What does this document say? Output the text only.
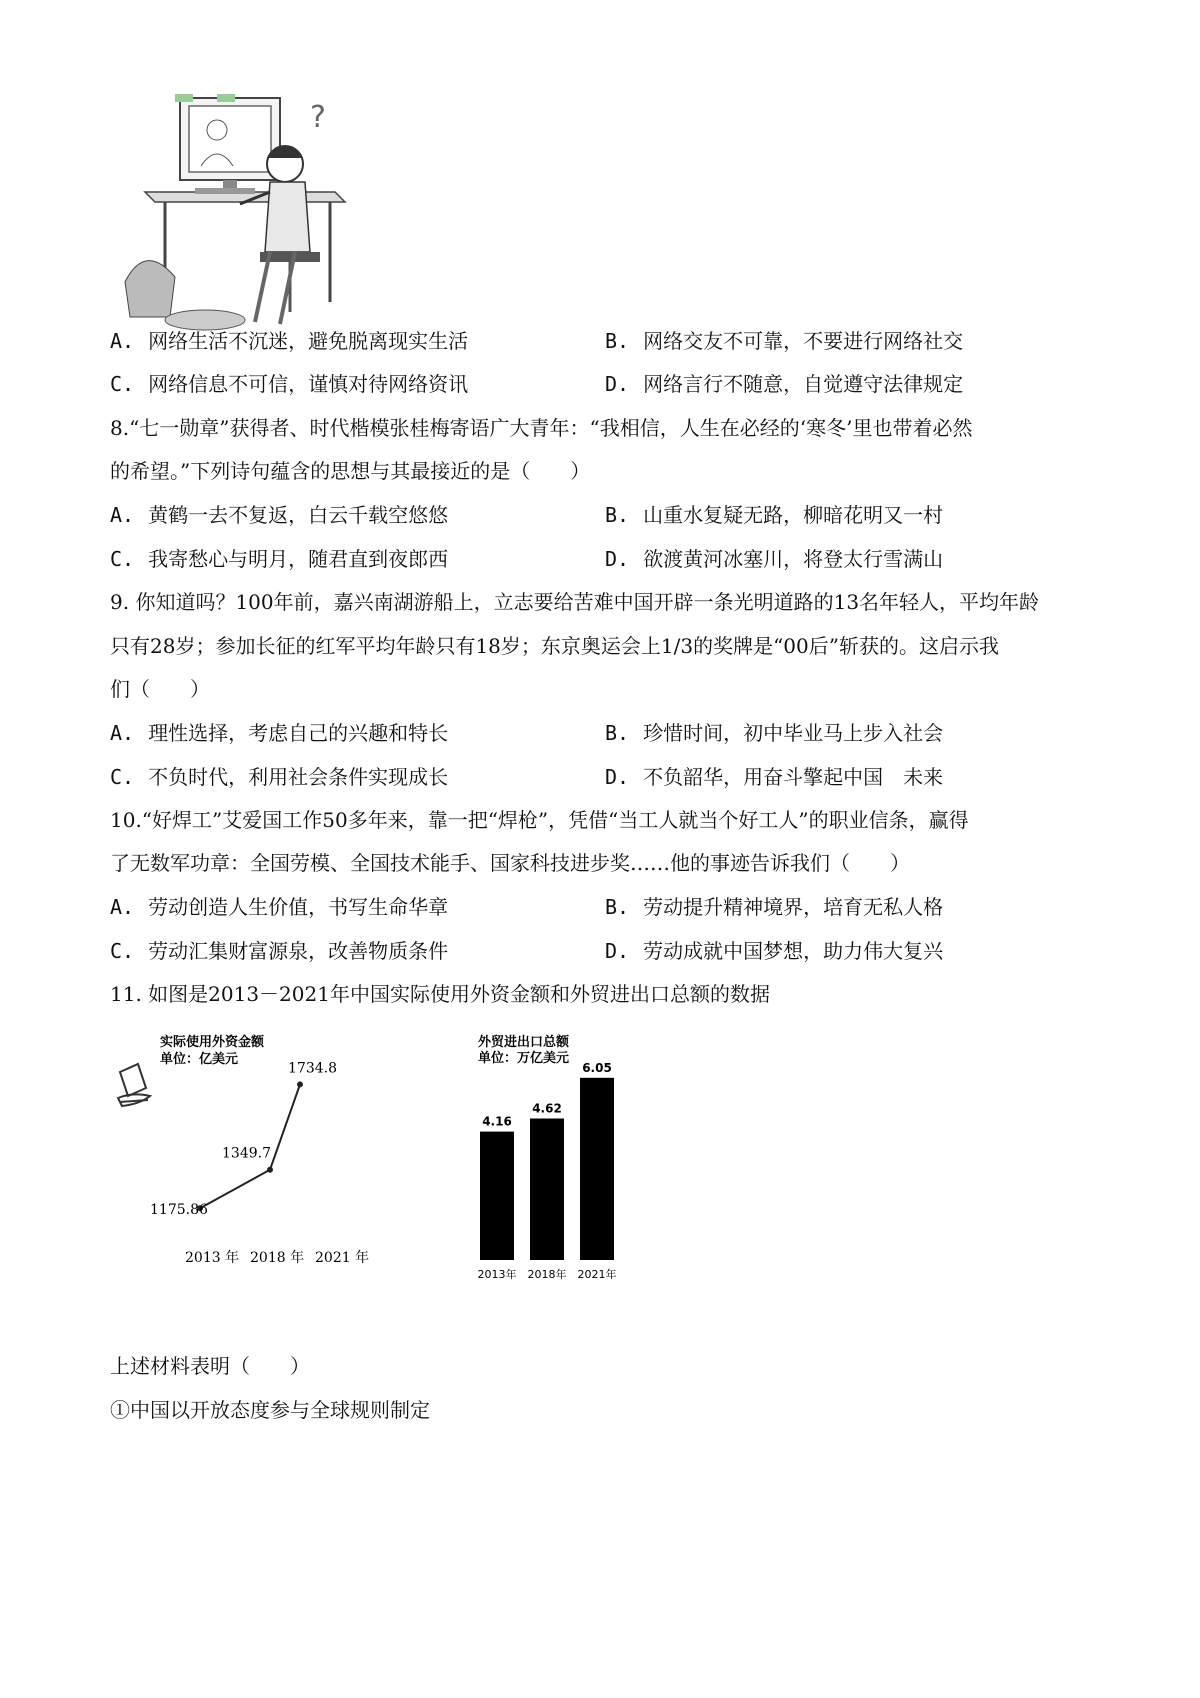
?
A. 网络生活不沉迷，避免脱离现实生活	B. 网络交友不可靠，不要进行网络社交
C. 网络信息不可信，谨慎对待网络资讯	D. 网络言行不随意，自觉遵守法律规定
8.“七一勋章”获得者、时代楷模张桂梅寄语广大青年：“我相信，人生在必经的‘寒冬’里也带着必然
的希望。”下列诗句蕴含的思想与其最接近的是（　　）
A. 黄鹤一去不复返，白云千载空悠悠	B. 山重水复疑无路，柳暗花明又一村
C. 我寄愁心与明月，随君直到夜郎西	D. 欲渡黄河冰塞川，将登太行雪满山
9. 你知道吗？100年前，嘉兴南湖游船上，立志要给苦难中国开辟一条光明道路的13名年轻人，平均年龄
只有28岁；参加长征的红军平均年龄只有18岁；东京奥运会上1/3的奖牌是“00后”斩获的。这启示我
们（　　）
A. 理性选择，考虑自己的兴趣和特长	B. 珍惜时间，初中毕业马上步入社会
C. 不负时代，利用社会条件实现成长	D. 不负韶华，用奋斗擎起中国　未来
10.“好焊工”艾爱国工作50多年来，靠一把“焊枪”，凭借“当工人就当个好工人”的职业信条，赢得
了无数军功章：全国劳模、全国技术能手、国家科技进步奖……他的事迹告诉我们（　　）
A. 劳动创造人生价值，书写生命华章	B. 劳动提升精神境界，培育无私人格
C. 劳动汇集财富源泉，改善物质条件	D. 劳动成就中国梦想，助力伟大复兴
11. 如图是2013－2021年中国实际使用外资金额和外贸进出口总额的数据
实际使用外资金额
单位：亿美元
1175.86
1349.7
1734.8
2013 年 2018 年 2021 年
外贸进出口总额
单位：万亿美元
4.16
4.62
6.05
2013年 2018年 2021年
上述材料表明（　　）
①中国以开放态度参与全球规则制定
